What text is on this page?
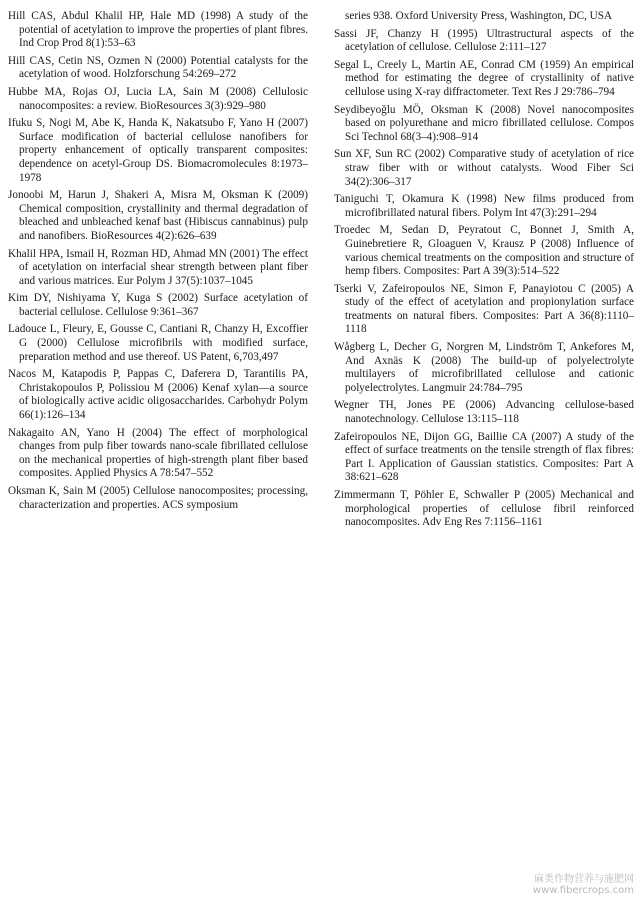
Hill CAS, Abdul Khalil HP, Hale MD (1998) A study of the potential of acetylation to improve the properties of plant fibres. Ind Crop Prod 8(1):53–63

Hill CAS, Cetin NS, Ozmen N (2000) Potential catalysts for the acetylation of wood. Holzforschung 54:269–272

Hubbe MA, Rojas OJ, Lucia LA, Sain M (2008) Cellulosic nanocomposites: a review. BioResources 3(3):929–980

Ifuku S, Nogi M, Abe K, Handa K, Nakatsubo F, Yano H (2007) Surface modification of bacterial cellulose nanofibers for property enhancement of optically transparent composites: dependence on acetyl-Group DS. Biomacromolecules 8:1973–1978

Jonoobi M, Harun J, Shakeri A, Misra M, Oksman K (2009) Chemical composition, crystallinity and thermal degradation of bleached and unbleached kenaf bast (Hibiscus cannabinus) pulp and nanofibers. BioResources 4(2):626–639

Khalil HPA, Ismail H, Rozman HD, Ahmad MN (2001) The effect of acetylation on interfacial shear strength between plant fiber and various matrices. Eur Polym J 37(5):1037–1045

Kim DY, Nishiyama Y, Kuga S (2002) Surface acetylation of bacterial cellulose. Cellulose 9:361–367

Ladouce L, Fleury, E, Gousse C, Cantiani R, Chanzy H, Excoffier G (2000) Cellulose microfibrils with modified surface, preparation method and use thereof. US Patent, 6,703,497

Nacos M, Katapodis P, Pappas C, Daferera D, Tarantilis PA, Christakopoulos P, Polissiou M (2006) Kenaf xylan—a source of biologically active acidic oligosaccharides. Carbohydr Polym 66(1):126–134

Nakagaito AN, Yano H (2004) The effect of morphological changes from pulp fiber towards nano-scale fibrillated cellulose on the mechanical properties of high-strength plant fiber based composites. Applied Physics A 78:547–552

Oksman K, Sain M (2005) Cellulose nanocomposites; processing, characterization and properties. ACS symposium

series 938. Oxford University Press, Washington, DC, USA

Sassi JF, Chanzy H (1995) Ultrastructural aspects of the acetylation of cellulose. Cellulose 2:111–127

Segal L, Creely L, Martin AE, Conrad CM (1959) An empirical method for estimating the degree of crystallinity of native cellulose using X-ray diffractometer. Text Res J 29:786–794

Seydibeyoğlu MÖ, Oksman K (2008) Novel nanocomposites based on polyurethane and micro fibrillated cellulose. Compos Sci Technol 68(3–4):908–914

Sun XF, Sun RC (2002) Comparative study of acetylation of rice straw fiber with or without catalysts. Wood Fiber Sci 34(2):306–317

Taniguchi T, Okamura K (1998) New films produced from microfibrillated natural fibers. Polym Int 47(3):291–294

Troedec M, Sedan D, Peyratout C, Bonnet J, Smith A, Guinebretiere R, Gloaguen V, Krausz P (2008) Influence of various chemical treatments on the composition and structure of hemp fibers. Composites: Part A 39(3):514–522

Tserki V, Zafeiropoulos NE, Simon F, Panayiotou C (2005) A study of the effect of acetylation and propionylation surface treatments on natural fibers. Composites: Part A 36(8):1110–1118

Wågberg L, Decher G, Norgren M, Lindström T, Ankefores M, And Axnäs K (2008) The build-up of polyelectrolyte multilayers of microfibrillated cellulose and cationic polyelectrolytes. Langmuir 24:784–795

Wegner TH, Jones PE (2006) Advancing cellulose-based nanotechnology. Cellulose 13:115–118

Zafeiropoulos NE, Dijon GG, Baillie CA (2007) A study of the effect of surface treatments on the tensile strength of flax fibres: Part I. Application of Gaussian statistics. Composites: Part A 38:621–628

Zimmermann T, Pöhler E, Schwaller P (2005) Mechanical and morphological properties of cellulose fibril reinforced nanocomposites. Adv Eng Res 7:1156–1161

麻类作物营养与施肥网
www.fibercrops.com
